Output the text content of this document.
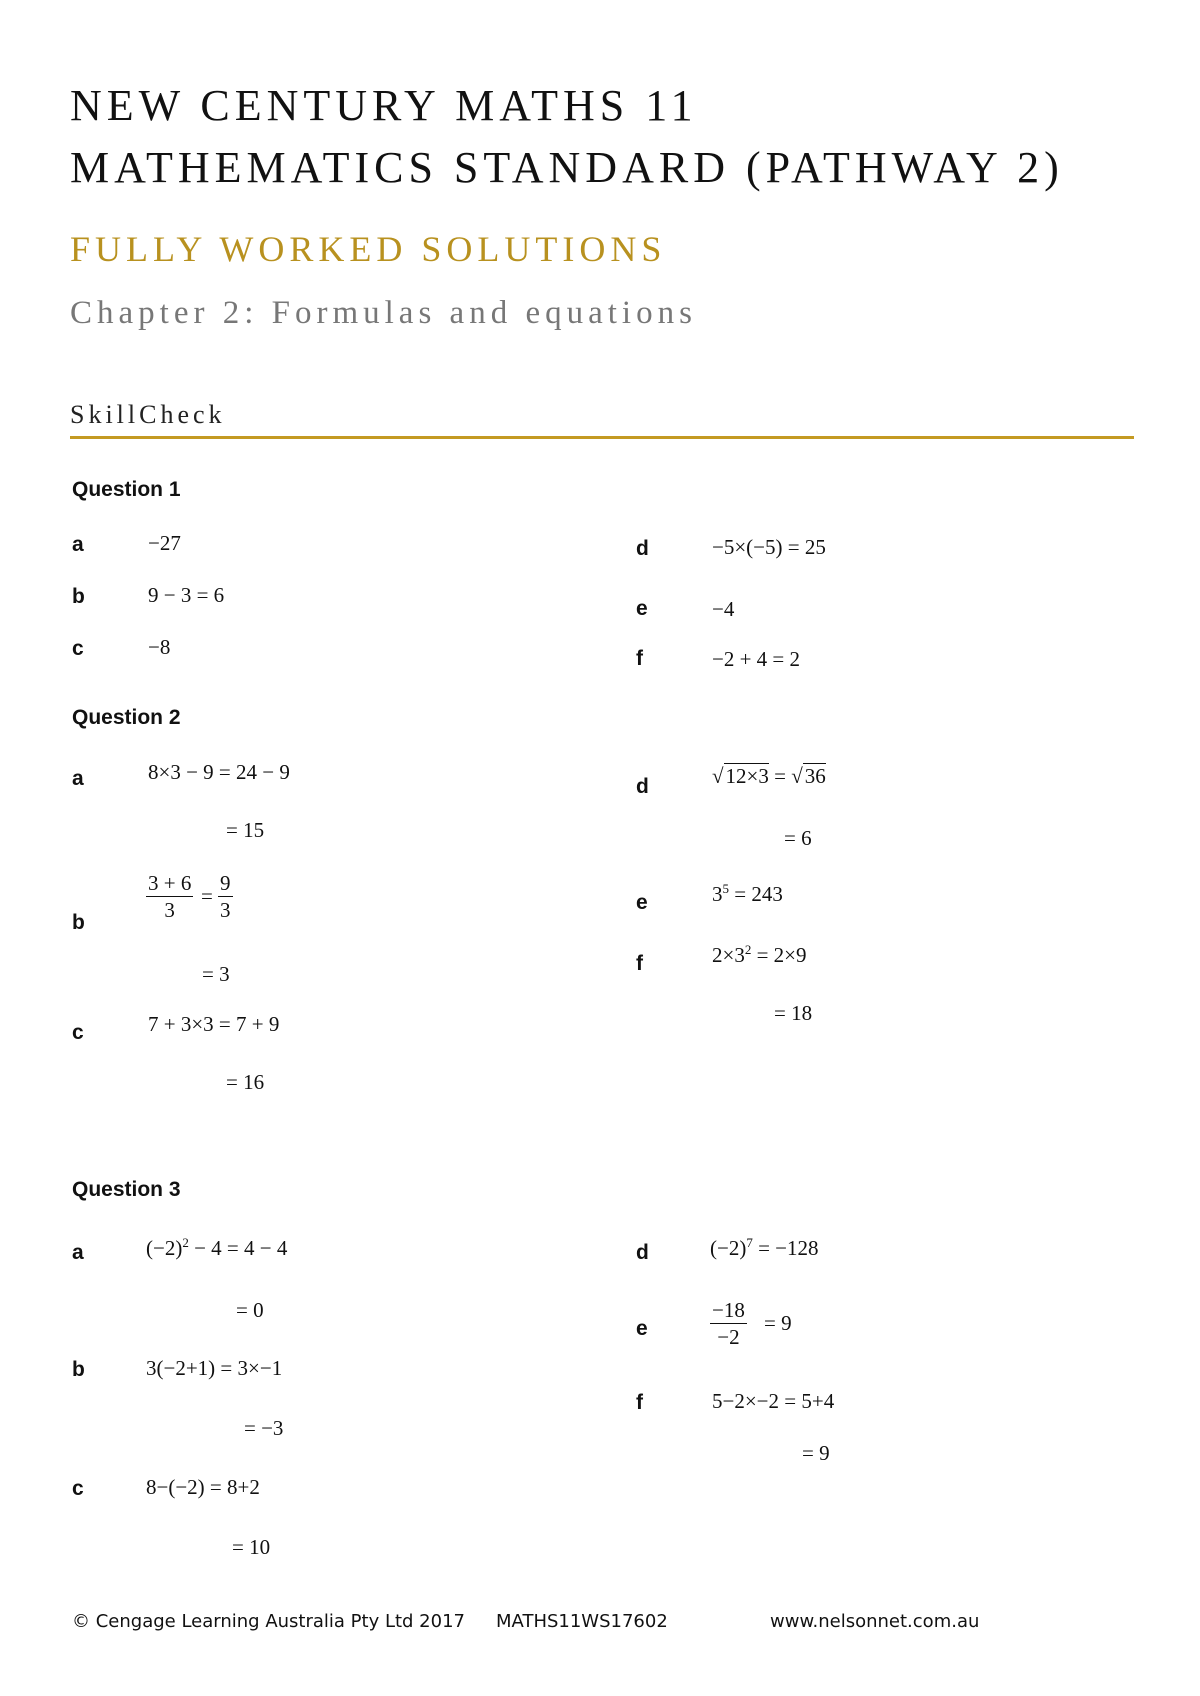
NEW CENTURY MATHS 11
MATHEMATICS STANDARD (PATHWAY 2)
FULLY WORKED SOLUTIONS
Chapter 2: Formulas and equations
SkillCheck
Question 1
a	−27
b	9 − 3 = 6
c	−8
d	−5×(−5) = 25
e	−4
f	−2 + 4 = 2
Question 2
a	8×3 − 9 = 24 − 9
= 15
b	$\frac{3 + 6}{3} = \frac{9}{3}$
= 3
c	7 + 3×3 = 7 + 9
= 16
d	√12×3 = √36
= 6
e	$3^5 = 243$
f	$2\times 3^2 = 2\times 9$
= 18
Question 3
a	$(-2)^2 - 4 = 4 - 4$
= 0
b	3(−2+1) = 3×−1
= −3
c	8−(−2) = 8+2
= 10
d	$(-2)^7 = -128$
e	$\frac{-18}{-2} = 9$
f	5−2×−2 = 5+4
= 9
© Cengage Learning Australia Pty Ltd 2017 MATHS11WS17602	www.nelsonnet.com.au
